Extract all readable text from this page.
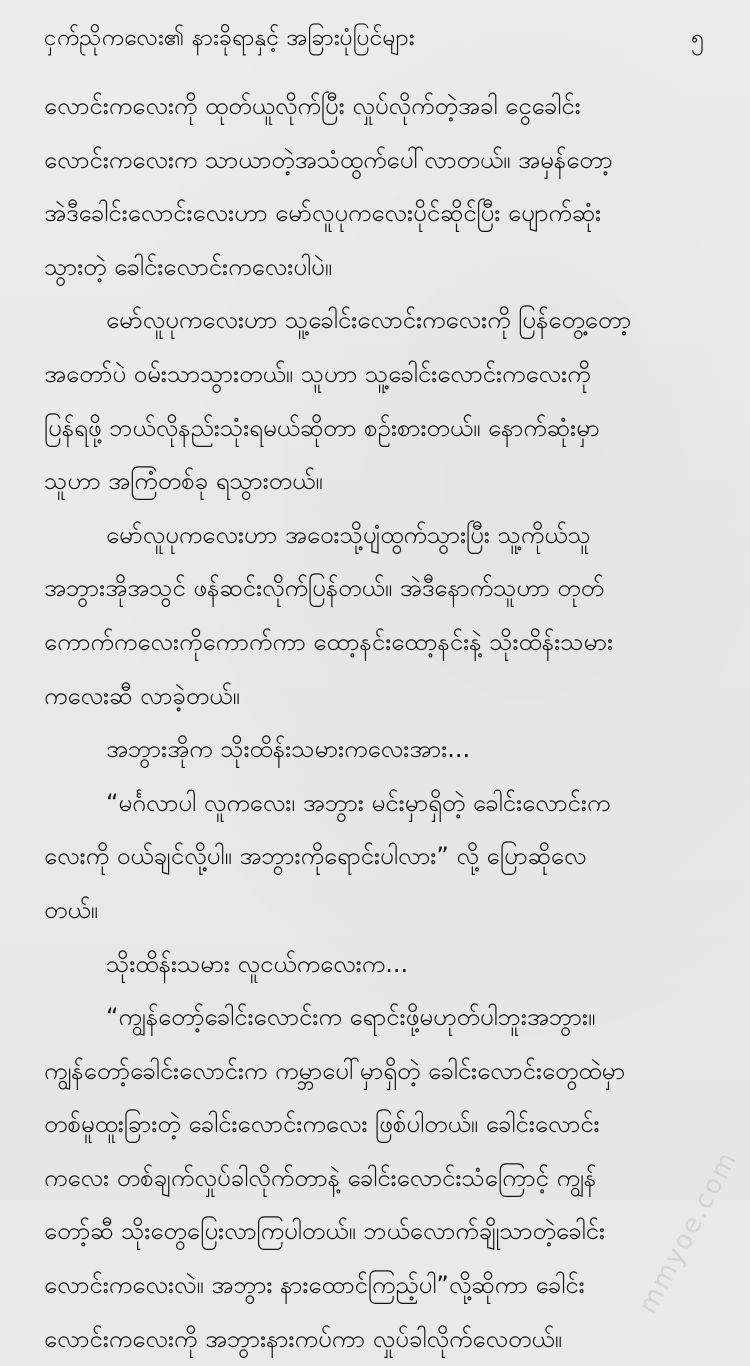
ငှက်ညိုကလေး၏ နားခိုရာနှင့် အခြားပုံပြင်များ	၅
လောင်းကလေးကို ထုတ်ယူလိုက်ပြီး လှုပ်လိုက်တဲ့အခါ ငွေခေါင်း
လောင်းကလေးက သာယာတဲ့အသံထွက်ပေါ်လာတယ်။ အမှန်တော့
အဲဒီခေါင်းလောင်းလေးဟာ မော်လူပုကလေးပိုင်ဆိုင်ပြီး ပျောက်ဆုံး
သွားတဲ့ ခေါင်းလောင်းကလေးပါပဲ။
မော်လူပုကလေးဟာ သူ့ခေါင်းလောင်းကလေးကို ပြန်တွေ့တော့
အတော်ပဲ ဝမ်းသာသွားတယ်။ သူဟာ သူ့ခေါင်းလောင်းကလေးကို
ပြန်ရဖို့ ဘယ်လိုနည်းသုံးရမယ်ဆိုတာ စဉ်းစားတယ်။ နောက်ဆုံးမှာ
သူဟာ အကြံတစ်ခု ရသွားတယ်။
မော်လူပုကလေးဟာ အဝေးသို့ပျံထွက်သွားပြီး သူ့ကိုယ်သူ
အဘွားအိုအသွင် ဖန်ဆင်းလိုက်ပြန်တယ်။ အဲဒီနောက်သူဟာ တုတ်
ကောက်ကလေးကိုကောက်ကာ ထော့နင်းထော့နင်းနဲ့ သိုးထိန်းသမား
ကလေးဆီ လာခဲ့တယ်။
အဘွားအိုက သိုးထိန်းသမားကလေးအား...
“မင်္ဂလာပါ လူကလေး၊ အဘွား မင်းမှာရှိတဲ့ ခေါင်းလောင်းက
လေးကို ဝယ်ချင်လို့ပါ။ အဘွားကိုရောင်းပါလား” လို့ ပြောဆိုလေ
တယ်။
သိုးထိန်းသမား လူငယ်ကလေးက...
“ကျွန်တော့်ခေါင်းလောင်းက ရောင်းဖို့မဟုတ်ပါဘူးအဘွား။
ကျွန်တော့်ခေါင်းလောင်းက ကမ္ဘာပေါ်မှာရှိတဲ့ ခေါင်းလောင်းတွေထဲမှာ
တစ်မူထူးခြားတဲ့ ခေါင်းလောင်းကလေး ဖြစ်ပါတယ်။ ခေါင်းလောင်း
ကလေး တစ်ချက်လှုပ်ခါလိုက်တာနဲ့ ခေါင်းလောင်းသံကြောင့် ကျွန်
တော့်ဆီ သိုးတွေပြေးလာကြပါတယ်။ ဘယ်လောက်ချိုသာတဲ့ခေါင်း
လောင်းကလေးလဲ။ အဘွား နားထောင်ကြည့်ပါ”လို့ဆိုကာ ခေါင်း
လောင်းကလေးကို အဘွားနားကပ်ကာ လှုပ်ခါလိုက်လေတယ်။
mmyoe.com
